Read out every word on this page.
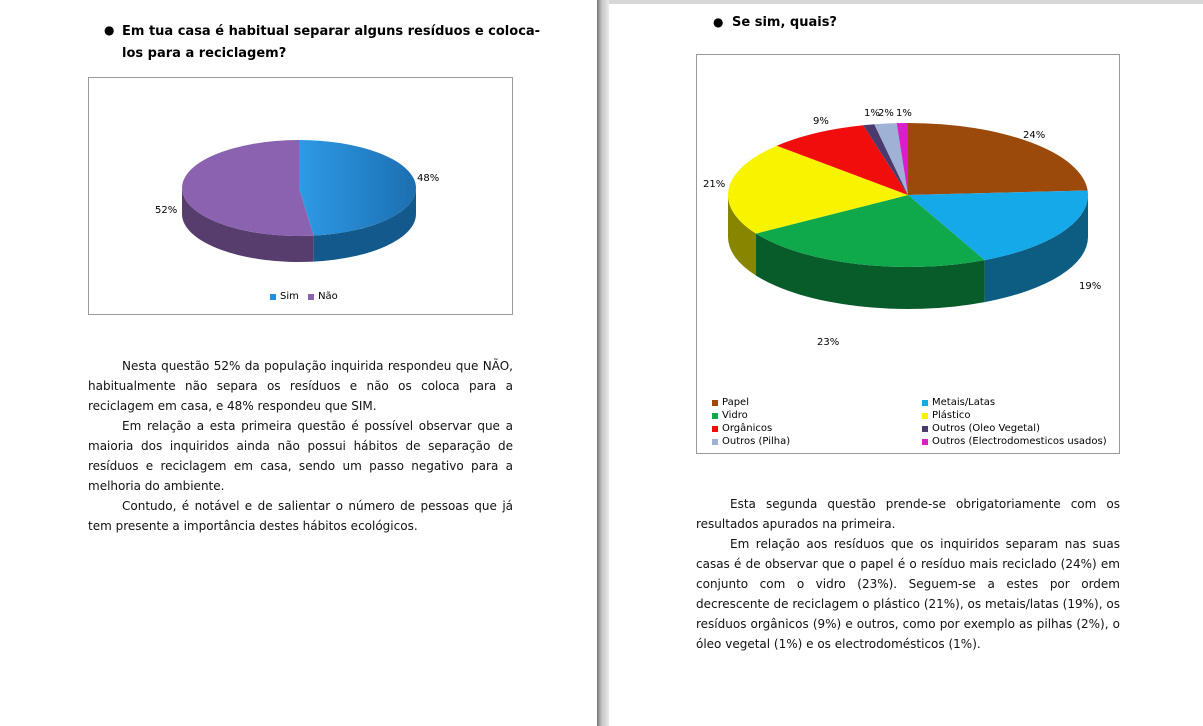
● Em tua casa é habitual separar alguns resíduos e coloca-
los para a reciclagem?
48%
52%
Sim
Não

Nesta questão 52% da população inquirida respondeu que NÃO, habitualmente não separa os resíduos e não os coloca para a reciclagem em casa, e 48% respondeu que SIM.

Em relação a esta primeira questão é possível observar que a maioria dos inquiridos ainda não possui hábitos de separação de resíduos e reciclagem em casa, sendo um passo negativo para a melhoria do ambiente.

Contudo, é notável e de salientar o número de pessoas que já tem presente a importância destes hábitos ecológicos.

● Se sim, quais?
24%
19%
23%
21%
9%
1%
2% 1%
Papel	Metais/Latas
Vidro	Plástico
Orgânicos	Outros (Oleo Vegetal)
Outros (Pilha)	Outros (Electrodomesticos usados)

Esta segunda questão prende-se obrigatoriamente com os resultados apurados na primeira.

Em relação aos resíduos que os inquiridos separam nas suas casas é de observar que o papel é o resíduo mais reciclado (24%) em conjunto com o vidro (23%). Seguem-se a estes por ordem decrescente de reciclagem o plástico (21%), os metais/latas (19%), os resíduos orgânicos (9%) e outros, como por exemplo as pilhas (2%), o óleo vegetal (1%) e os electrodomésticos (1%).
